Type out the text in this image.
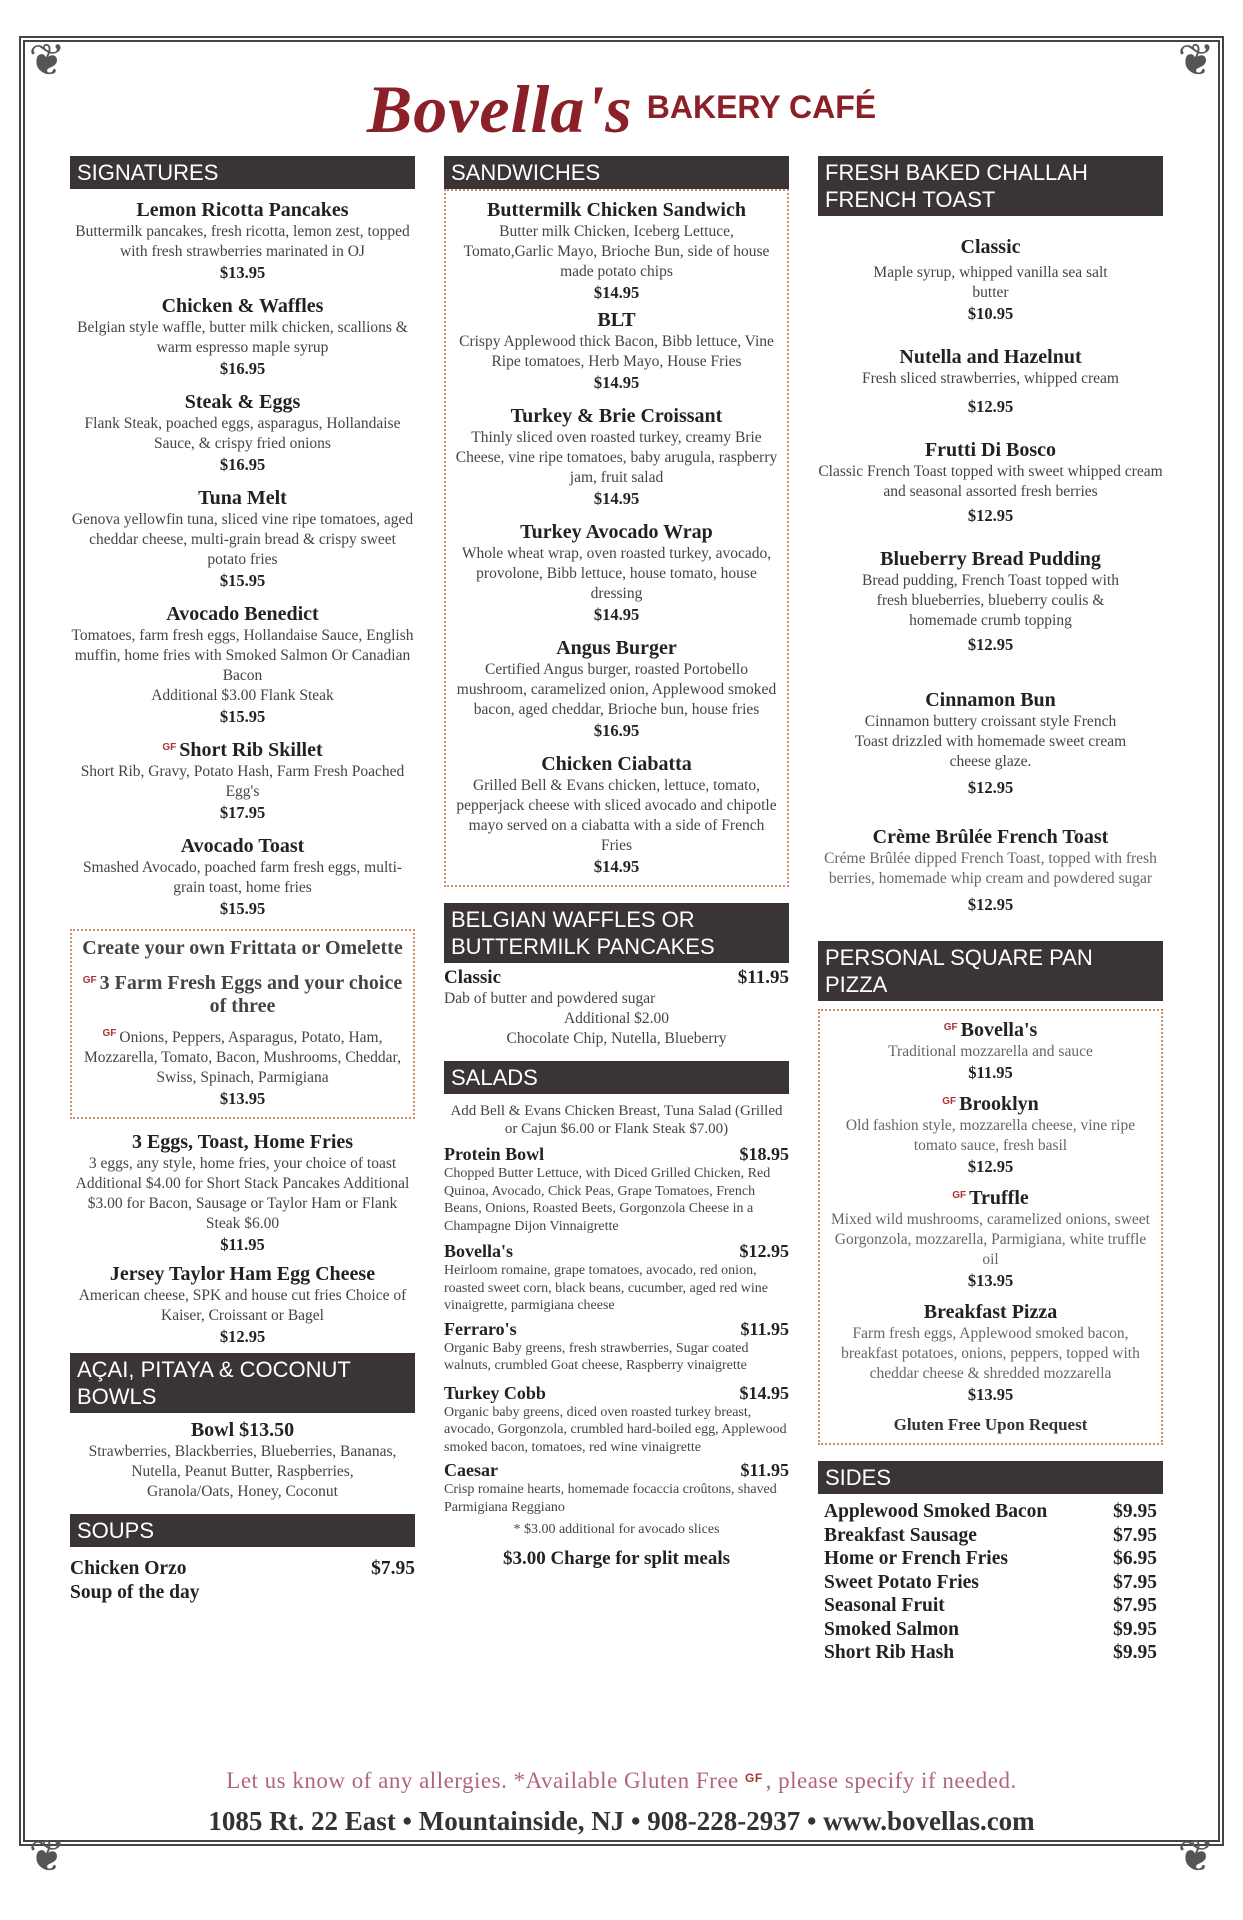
❦	❦
❦	❦
Bovella's BAKERY CAFÉ
SIGNATURES
Lemon Ricotta Pancakes
Buttermilk pancakes, fresh ricotta, lemon zest, topped with fresh strawberries marinated in OJ
$13.95
Chicken & Waffles
Belgian style waffle, butter milk chicken, scallions & warm espresso maple syrup
$16.95
Steak & Eggs
Flank Steak, poached eggs, asparagus, Hollandaise Sauce, & crispy fried onions
$16.95
Tuna Melt
Genova yellowfin tuna, sliced vine ripe tomatoes, aged cheddar cheese, multi-grain bread & crispy sweet potato fries
$15.95
Avocado Benedict
Tomatoes, farm fresh eggs, Hollandaise Sauce, English muffin, home fries with Smoked Salmon Or Canadian Bacon
Additional $3.00 Flank Steak
$15.95
$^{GF}$ Short Rib Skillet
Short Rib, Gravy, Potato Hash, Farm Fresh Poached Egg's
$17.95
Avocado Toast
Smashed Avocado, poached farm fresh eggs, multi-grain toast, home fries
$15.95
Create your own Frittata or Omelette
$^{GF}$ 3 Farm Fresh Eggs and your choice of three
$^{GF}$ Onions, Peppers, Asparagus, Potato, Ham, Mozzarella, Tomato, Bacon, Mushrooms, Cheddar, Swiss, Spinach, Parmigiana
$13.95
3 Eggs, Toast, Home Fries
3 eggs, any style, home fries, your choice of toast Additional $4.00 for Short Stack Pancakes Additional $3.00 for Bacon, Sausage or Taylor Ham or Flank Steak $6.00
$11.95
Jersey Taylor Ham Egg Cheese
American cheese, SPK and house cut fries Choice of Kaiser, Croissant or Bagel
$12.95
AÇAI, PITAYA & COCONUT BOWLS
Bowl $13.50
Strawberries, Blackberries, Blueberries, Bananas, Nutella, Peanut Butter, Raspberries,
Granola/Oats, Honey, Coconut
SOUPS
Chicken Orzo	$7.95
Soup of the day
SANDWICHES
Buttermilk Chicken Sandwich
Butter milk Chicken, Iceberg Lettuce, Tomato,Garlic Mayo, Brioche Bun, side of house made potato chips
$14.95
BLT
Crispy Applewood thick Bacon, Bibb lettuce, Vine Ripe tomatoes, Herb Mayo, House Fries
$14.95
Turkey & Brie Croissant
Thinly sliced oven roasted turkey, creamy Brie Cheese, vine ripe tomatoes, baby arugula, raspberry jam, fruit salad
$14.95
Turkey Avocado Wrap
Whole wheat wrap, oven roasted turkey, avocado, provolone, Bibb lettuce, house tomato, house dressing
$14.95
Angus Burger
Certified Angus burger, roasted Portobello mushroom, caramelized onion, Applewood smoked bacon, aged cheddar, Brioche bun, house fries
$16.95
Chicken Ciabatta
Grilled Bell & Evans chicken, lettuce, tomato, pepperjack cheese with sliced avocado and chipotle mayo served on a ciabatta with a side of French Fries
$14.95
BELGIAN WAFFLES OR BUTTERMILK PANCAKES
Classic	$11.95
Dab of butter and powdered sugar
Additional $2.00
Chocolate Chip, Nutella, Blueberry
SALADS
Add Bell & Evans Chicken Breast, Tuna Salad (Grilled or Cajun $6.00 or Flank Steak $7.00)
Protein Bowl	$18.95
Chopped Butter Lettuce, with Diced Grilled Chicken, Red Quinoa, Avocado, Chick Peas, Grape Tomatoes, French Beans, Onions, Roasted Beets, Gorgonzola Cheese in a Champagne Dijon Vinnaigrette
Bovella's	$12.95
Heirloom romaine, grape tomatoes, avocado, red onion, roasted sweet corn, black beans, cucumber, aged red wine vinaigrette, parmigiana cheese
Ferraro's	$11.95
Organic Baby greens, fresh strawberries, Sugar coated walnuts, crumbled Goat cheese, Raspberry vinaigrette
Turkey Cobb	$14.95
Organic baby greens, diced oven roasted turkey breast, avocado, Gorgonzola, crumbled hard-boiled egg, Applewood smoked bacon, tomatoes, red wine vinaigrette
Caesar	$11.95
Crisp romaine hearts, homemade focaccia croûtons, shaved Parmigiana Reggiano
* $3.00 additional for avocado slices
$3.00 Charge for split meals
FRESH BAKED CHALLAH FRENCH TOAST
Classic
Maple syrup, whipped vanilla sea salt butter
$10.95
Nutella and Hazelnut
Fresh sliced strawberries, whipped cream
$12.95
Frutti Di Bosco
Classic French Toast topped with sweet whipped cream and seasonal assorted fresh berries
$12.95
Blueberry Bread Pudding
Bread pudding, French Toast topped with fresh blueberries, blueberry coulis & homemade crumb topping
$12.95
Cinnamon Bun
Cinnamon buttery croissant style French Toast drizzled with homemade sweet cream cheese glaze.
$12.95
Crème Brûlée French Toast
Créme Brûlée dipped French Toast, topped with fresh berries, homemade whip cream and powdered sugar
$12.95
PERSONAL SQUARE PAN PIZZA
$^{GF}$ Bovella's
Traditional mozzarella and sauce
$11.95
$^{GF}$ Brooklyn
Old fashion style, mozzarella cheese, vine ripe tomato sauce, fresh basil
$12.95
$^{GF}$ Truffle
Mixed wild mushrooms, caramelized onions, sweet Gorgonzola, mozzarella, Parmigiana, white truffle oil
$13.95
Breakfast Pizza
Farm fresh eggs, Applewood smoked bacon, breakfast potatoes, onions, peppers, topped with cheddar cheese & shredded mozzarella
$13.95
Gluten Free Upon Request
SIDES
Applewood Smoked Bacon	$9.95
Breakfast Sausage	$7.95
Home or French Fries	$6.95
Sweet Potato Fries	$7.95
Seasonal Fruit	$7.95
Smoked Salmon	$9.95
Short Rib Hash	$9.95
Let us know of any allergies. *Available Gluten Free $^{GF}$ , please specify if needed.
1085 Rt. 22 East • Mountainside, NJ • 908-228-2937 • www.bovellas.com
